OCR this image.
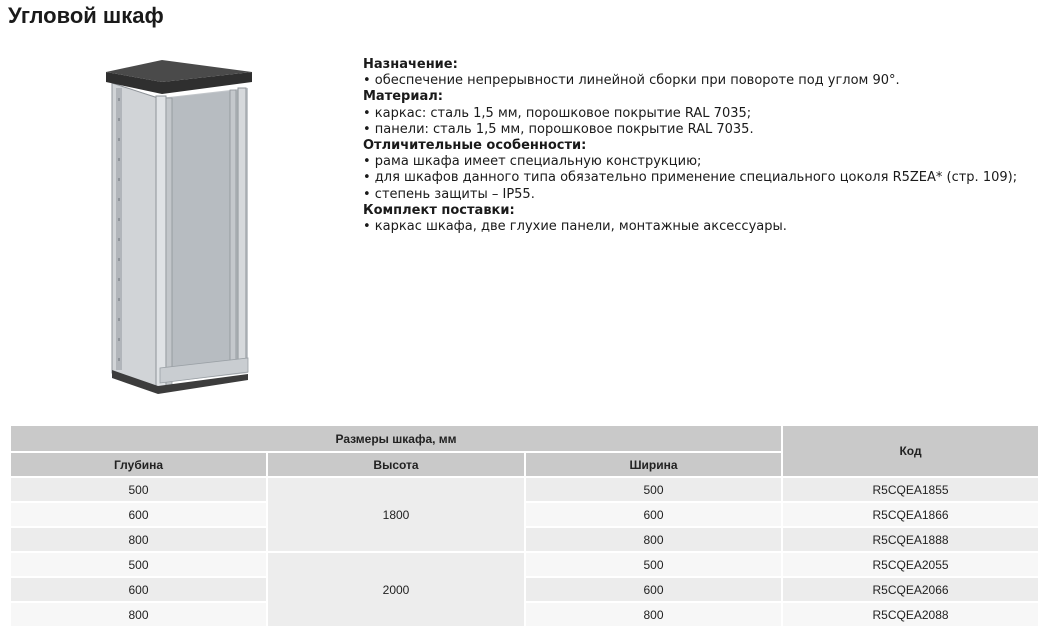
Угловой шкаф
Назначение:
• обеспечение непрерывности линейной сборки при повороте под углом 90°.
Материал:
• каркас: сталь 1,5 мм, порошковое покрытие RAL 7035;
• панели: сталь 1,5 мм, порошковое покрытие RAL 7035.
Отличительные особенности:
• рама шкафа имеет специальную конструкцию;
• для шкафов данного типа обязательно применение специального цоколя R5ZEA* (стр. 109);
• степень защиты – IP55.
Комплект поставки:
• каркас шкафа, две глухие панели, монтажные аксессуары.
Размеры шкафа, мм			Код
Глубина	Высота	Ширина	
500	1800	500	R5CQEA1855
600		600	R5CQEA1866
800		800	R5CQEA1888
500	2000	500	R5CQEA2055
600		600	R5CQEA2066
800		800	R5CQEA2088
